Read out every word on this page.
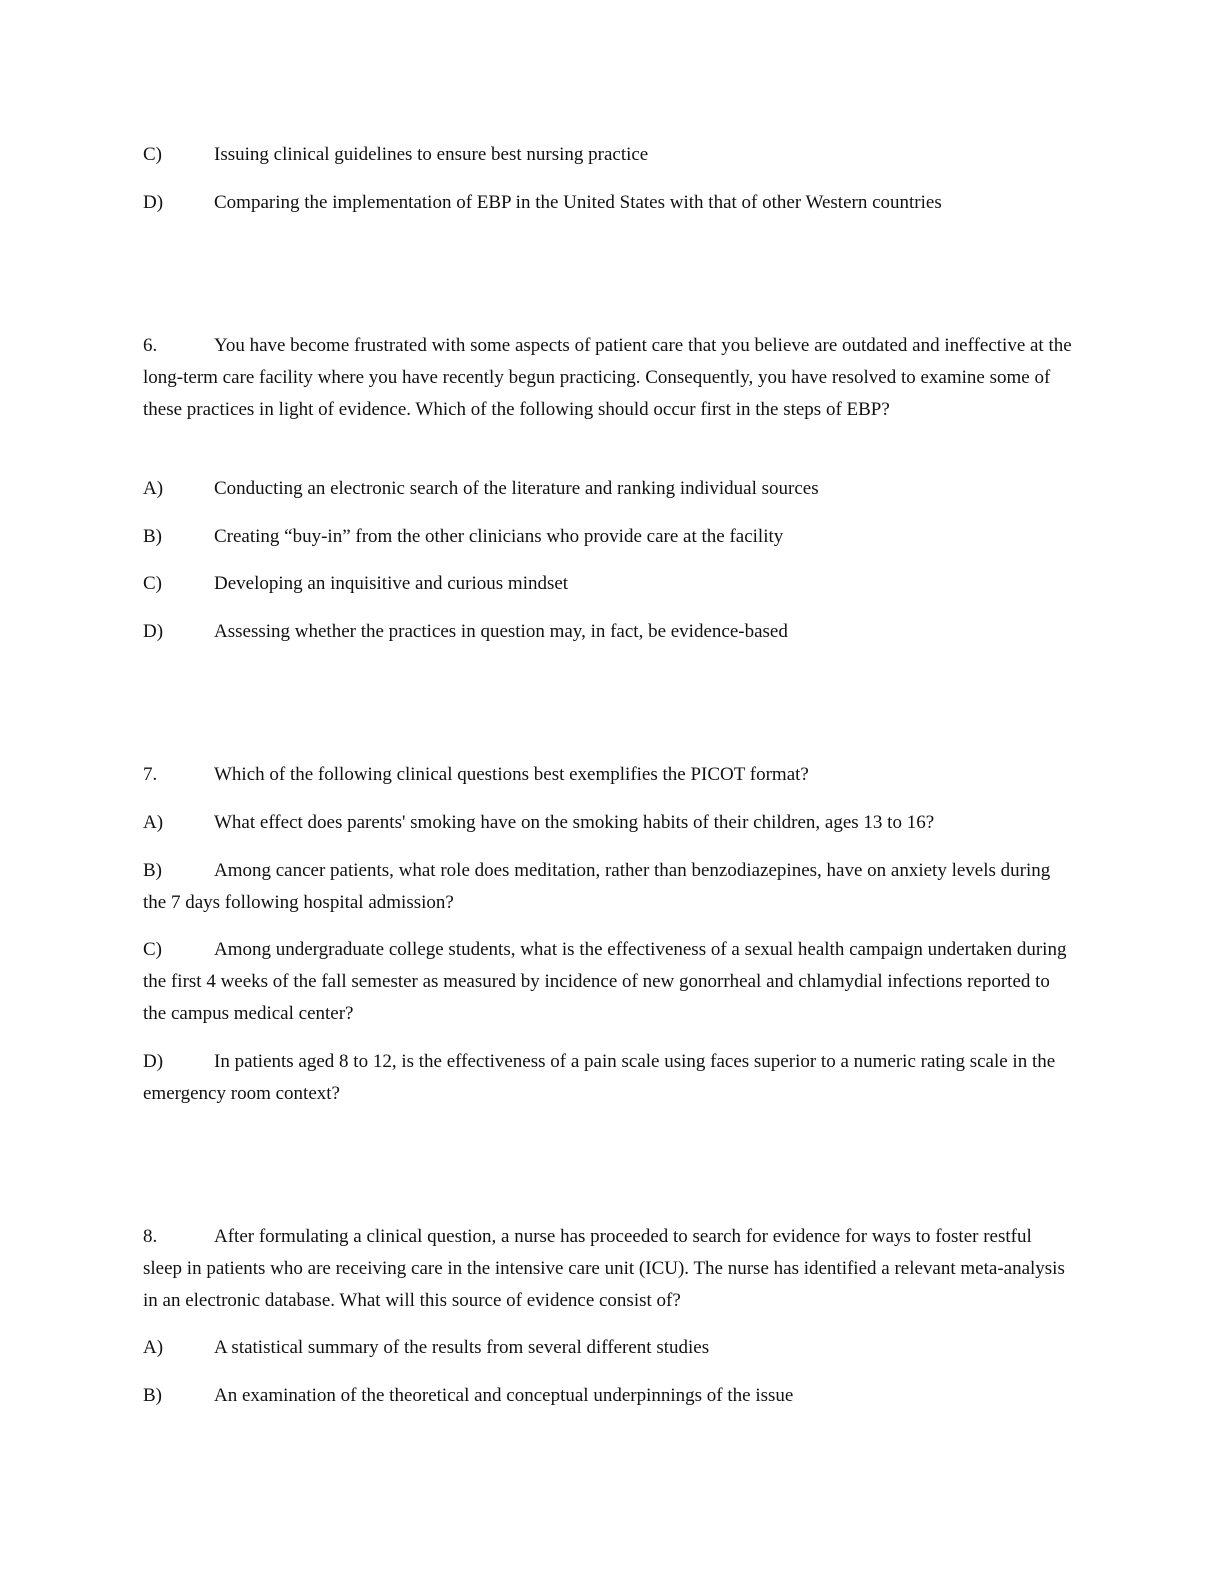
C)	Issuing clinical guidelines to ensure best nursing practice
D)	Comparing the implementation of EBP in the United States with that of other Western countries
6.	You have become frustrated with some aspects of patient care that you believe are outdated and ineffective at the long-term care facility where you have recently begun practicing. Consequently, you have resolved to examine some of these practices in light of evidence. Which of the following should occur first in the steps of EBP?
A)	Conducting an electronic search of the literature and ranking individual sources
B)	Creating “buy-in” from the other clinicians who provide care at the facility
C)	Developing an inquisitive and curious mindset
D)	Assessing whether the practices in question may, in fact, be evidence-based
7.	Which of the following clinical questions best exemplifies the PICOT format?
A)	What effect does parents' smoking have on the smoking habits of their children, ages 13 to 16?
B)	Among cancer patients, what role does meditation, rather than benzodiazepines, have on anxiety levels during the 7 days following hospital admission?
C)	Among undergraduate college students, what is the effectiveness of a sexual health campaign undertaken during the first 4 weeks of the fall semester as measured by incidence of new gonorrheal and chlamydial infections reported to the campus medical center?
D)	In patients aged 8 to 12, is the effectiveness of a pain scale using faces superior to a numeric rating scale in the emergency room context?
8.	After formulating a clinical question, a nurse has proceeded to search for evidence for ways to foster restful sleep in patients who are receiving care in the intensive care unit (ICU). The nurse has identified a relevant meta-analysis in an electronic database. What will this source of evidence consist of?
A)	A statistical summary of the results from several different studies
B)	An examination of the theoretical and conceptual underpinnings of the issue
